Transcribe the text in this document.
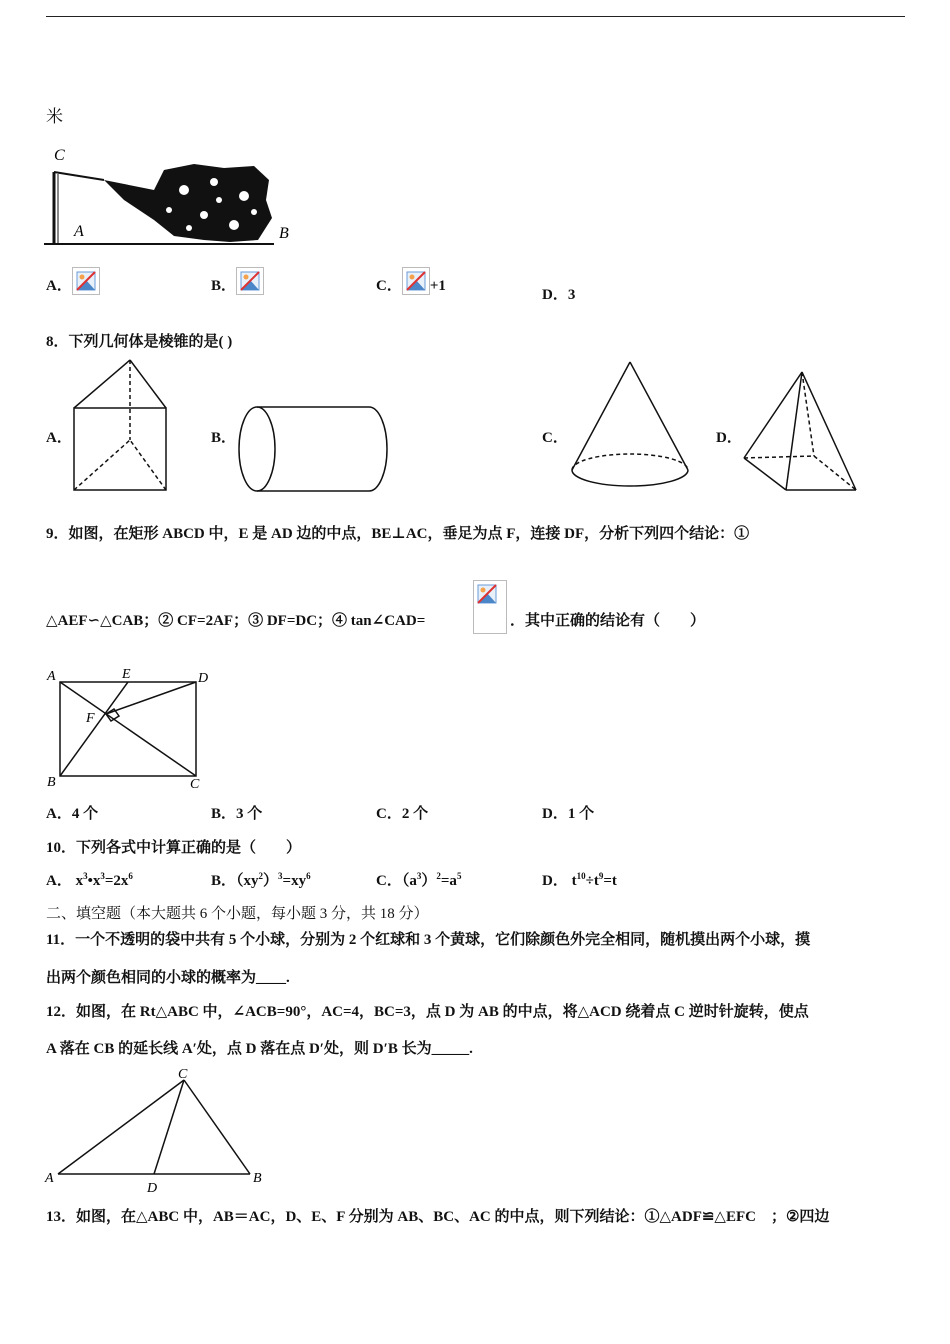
米
C
A	B
A．	B．	C． +1
D．3
8．下列几何体是棱锥的是( )
A．	B．	C．	D．
9．如图，在矩形 ABCD 中，E 是 AD 边的中点，BE⊥AC，垂足为点 F，连接 DF，分析下列四个结论：①
△AEF∽△CAB；② CF=2AF；③ DF=DC；④ tan∠CAD=	．其中正确的结论有（　　）
A	E	D
F
B	C
A．4 个	B．3 个	C．2 个	D．1 个
10．下列各式中计算正确的是（　　）
A． $x^3•x^3=2x^6$	B．$(xy^2)^3=xy^6$	C．$(a^3)^2=a^5$	D． $t^{10}\div t^9=t$
二、填空题（本大题共 6 个小题，每小题 3 分，共 18 分）
11．一个不透明的袋中共有 5 个小球，分别为 2 个红球和 3 个黄球，它们除颜色外完全相同，随机摸出两个小球，摸
出两个颜色相同的小球的概率为____.
12．如图，在 Rt△ABC 中，∠ACB=90°，AC=4，BC=3，点 D 为 AB 的中点，将△ACD 绕着点 C 逆时针旋转，使点
A 落在 CB 的延长线 A′处，点 D 落在点 D′处，则 D′B 长为_____.
C
A
D
B
13．如图，在△ABC 中，AB＝AC，D、E、F 分别为 AB、BC、AC 的中点，则下列结论：①△ADF≌△EFC　；②四边
